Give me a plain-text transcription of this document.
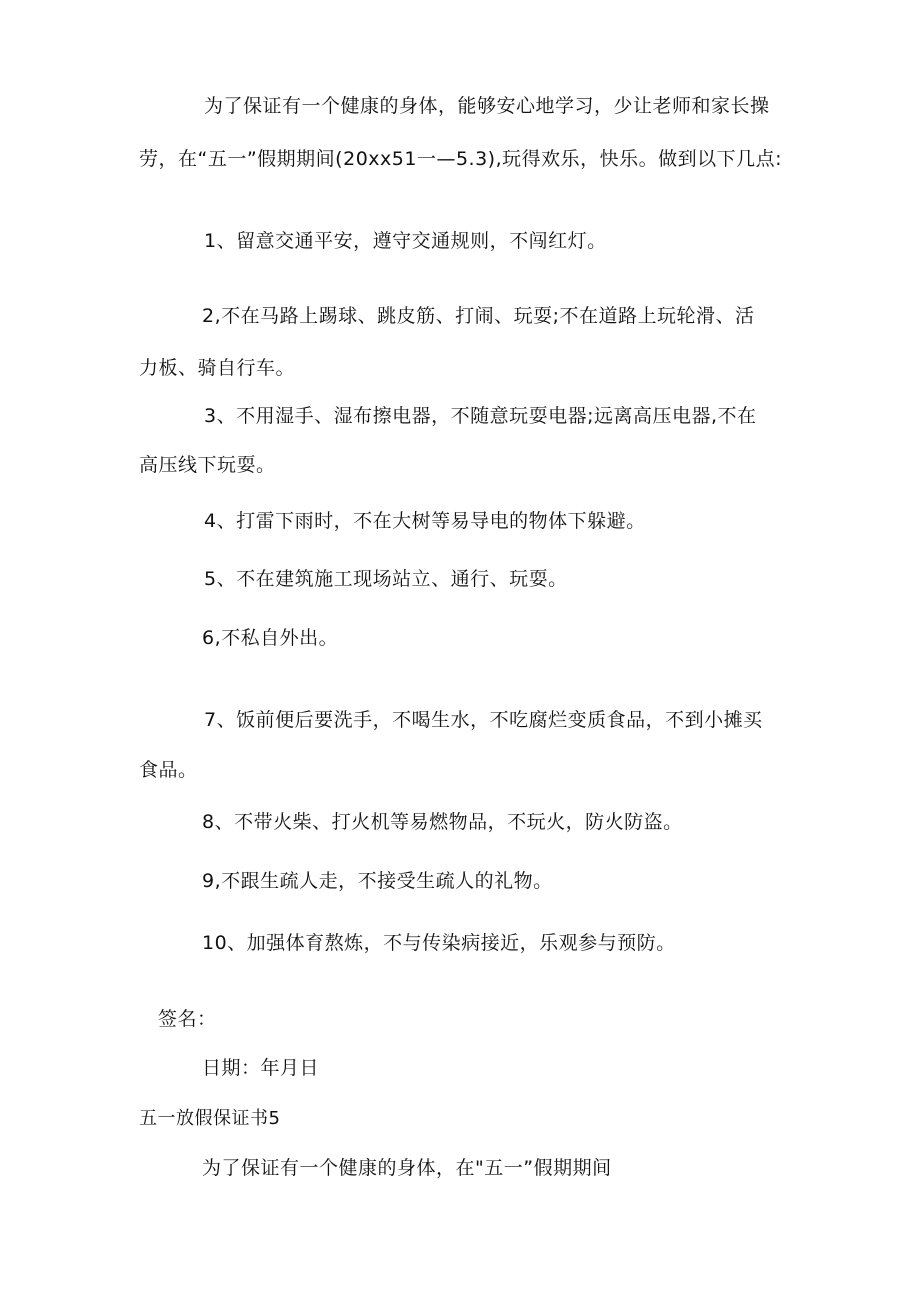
为了保证有一个健康的身体，能够安心地学习，少让老师和家长操

劳，在“五一”假期期间(20xx51一—5.3),玩得欢乐，快乐。做到以下几点:

1、留意交通平安，遵守交通规则，不闯红灯。

2,不在马路上踢球、跳皮筋、打闹、玩耍;不在道路上玩轮滑、活

力板、骑自行车。

3、不用湿手、湿布擦电器，不随意玩耍电器;远离高压电器,不在

高压线下玩耍。

4、打雷下雨时，不在大树等易导电的物体下躲避。

5、不在建筑施工现场站立、通行、玩耍。

6,不私自外出。

7、饭前便后要洗手，不喝生水，不吃腐烂变质食品，不到小摊买

食品。

8、不带火柴、打火机等易燃物品，不玩火，防火防盗。

9,不跟生疏人走，不接受生疏人的礼物。

10、加强体育熬炼，不与传染病接近，乐观参与预防。

签名：

日期：年月日

五一放假保证书5

为了保证有一个健康的身体，在"五一”假期期间
